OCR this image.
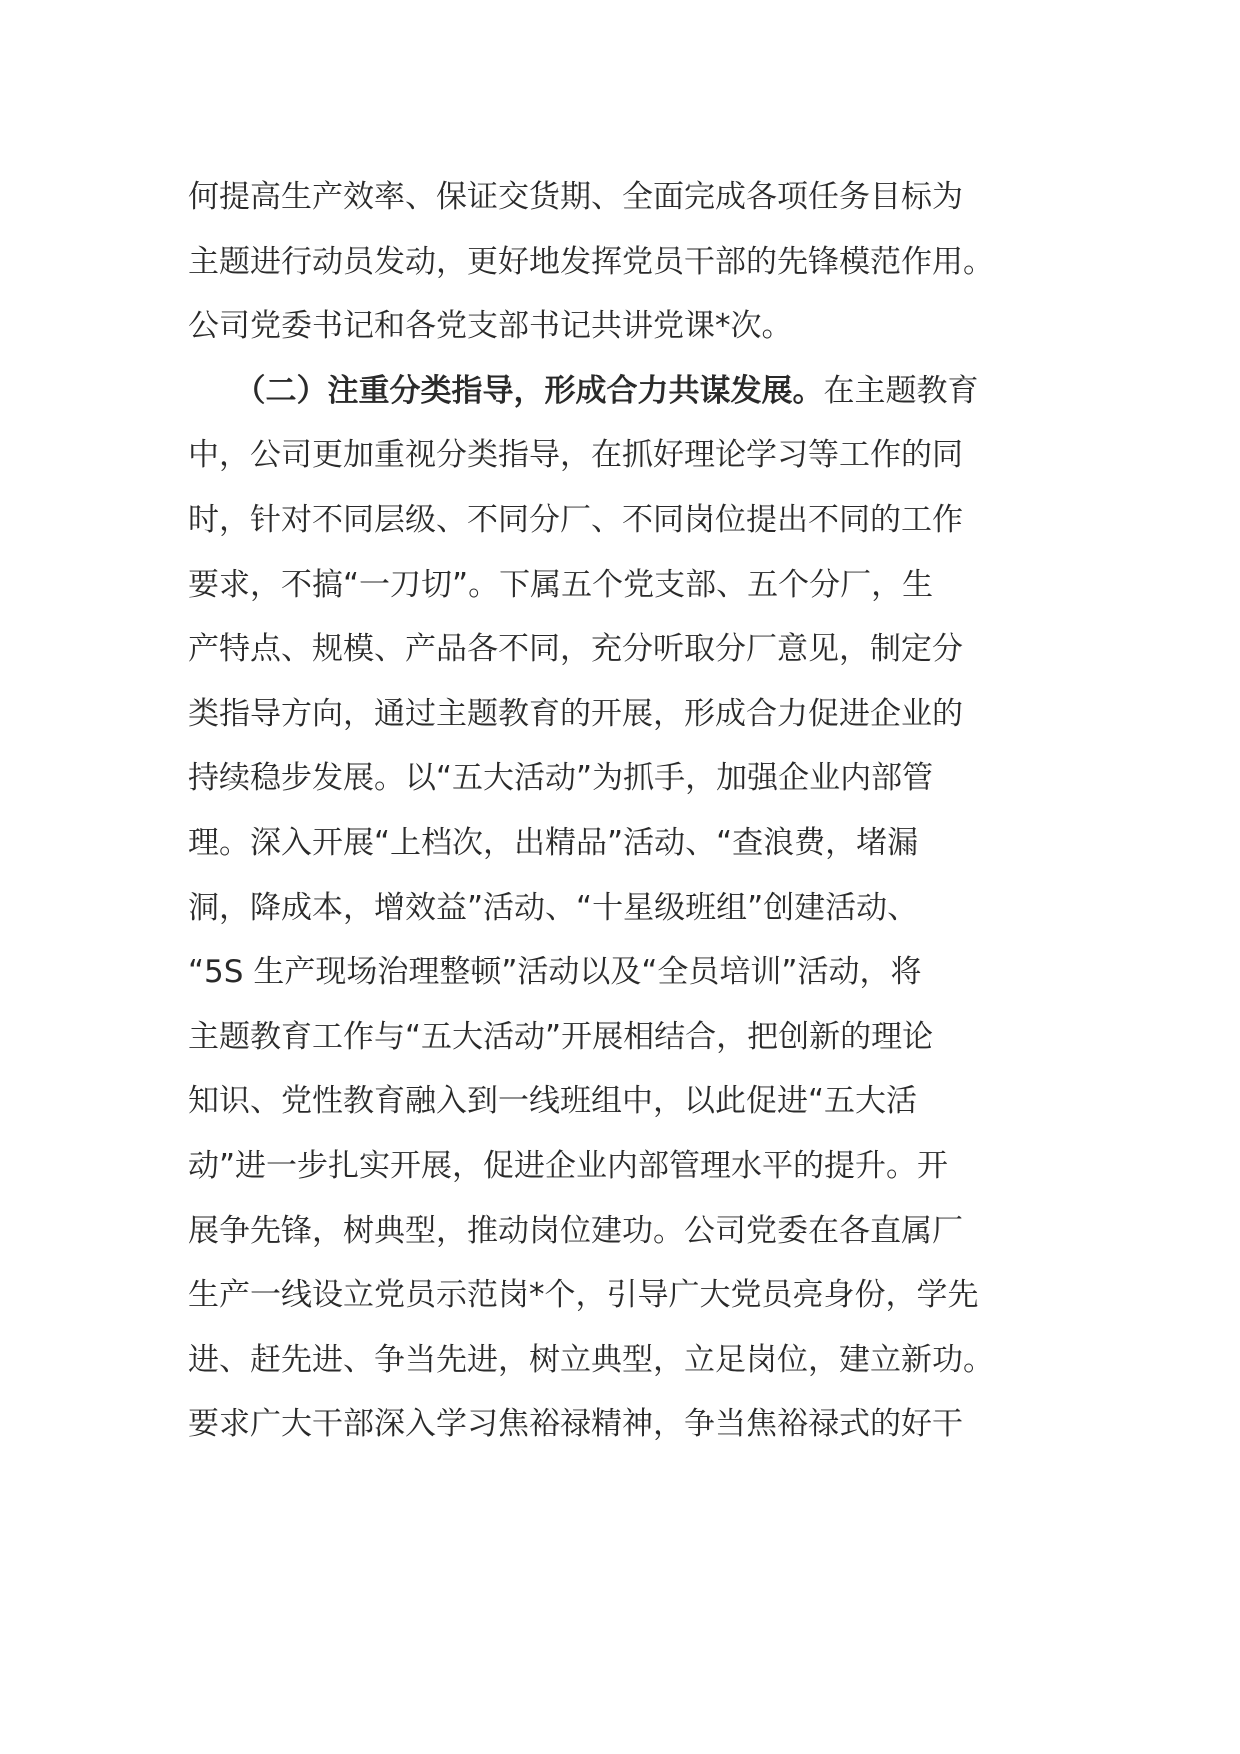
何提高生产效率、保证交货期、全面完成各项任务目标为
主题进行动员发动，更好地发挥党员干部的先锋模范作用。
公司党委书记和各党支部书记共讲党课*次。
　　（二）注重分类指导，形成合力共谋发展。在主题教育
中，公司更加重视分类指导，在抓好理论学习等工作的同
时，针对不同层级、不同分厂、不同岗位提出不同的工作
要求，不搞“一刀切”。下属五个党支部、五个分厂，生
产特点、规模、产品各不同，充分听取分厂意见，制定分
类指导方向，通过主题教育的开展，形成合力促进企业的
持续稳步发展。以“五大活动”为抓手，加强企业内部管
理。深入开展“上档次，出精品”活动、“查浪费，堵漏
洞，降成本，增效益”活动、“十星级班组”创建活动、
“5S 生产现场治理整顿”活动以及“全员培训”活动，将
主题教育工作与“五大活动”开展相结合，把创新的理论
知识、党性教育融入到一线班组中，以此促进“五大活
动”进一步扎实开展，促进企业内部管理水平的提升。开
展争先锋，树典型，推动岗位建功。公司党委在各直属厂
生产一线设立党员示范岗*个，引导广大党员亮身份，学先
进、赶先进、争当先进，树立典型，立足岗位，建立新功。
要求广大干部深入学习焦裕禄精神，争当焦裕禄式的好干
